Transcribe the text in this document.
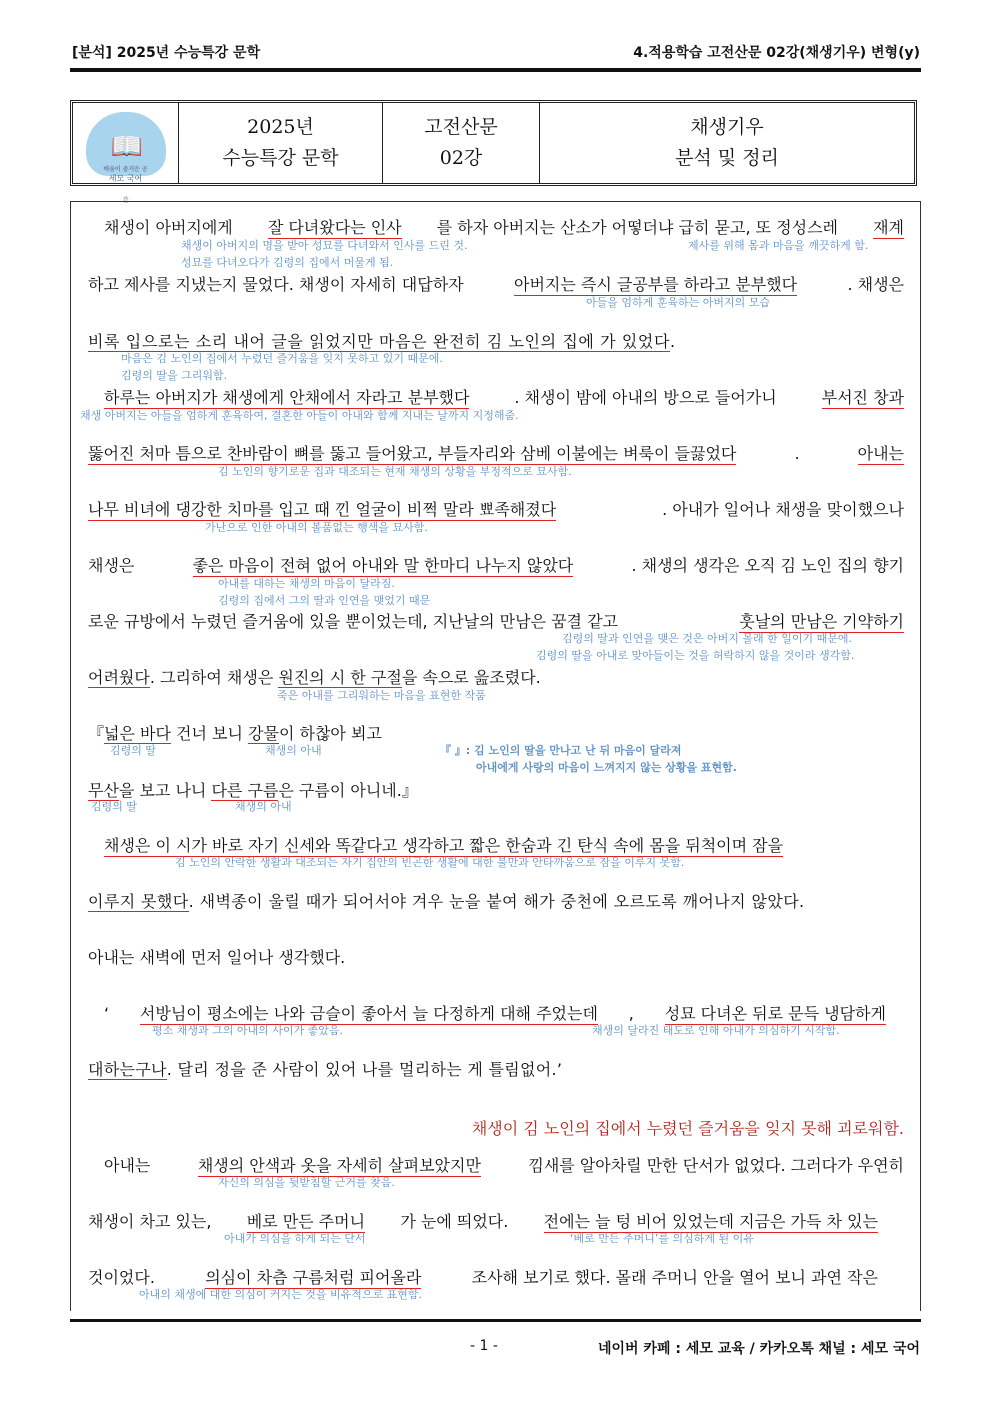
[분석] 2025년 수능특강 문학	4.적용학습 고전산문 02강(채생기우) 변형(y)
📖
배움이 즐거운 공간
세모 국어
2025년
수능특강 문학
고전산문
02강
채생기우
분석 및 정리
채생이 아버지에게 잘 다녀왔다는 인사 를 하자 아버지는 산소가 어떻더냐 급히 묻고, 또 정성스레 재계
채생이 아버지의 명을 받아 성묘를 다녀와서 인사를 드린 것.	제사를 위해 몸과 마음을 깨끗하게 함.
성묘를 다녀오다가 김령의 집에서 머물게 됨.
하고 제사를 지냈는지 물었다. 채생이 자세히 대답하자	아버지는 즉시 글공부를 하라고 분부했다	. 채생은
아들을 엄하게 훈육하는 아버지의 모습
비록 입으로는 소리 내어 글을 읽었지만 마음은 완전히 김 노인의 집에 가 있었다.
마음은 김 노인의 집에서 누렸던 즐거움을 잊지 못하고 있기 때문에.
김령의 딸을 그리워함.
하루는 아버지가 채생에게 안채에서 자라고 분부했다	. 채생이 밤에 아내의 방으로 들어가니	부서진 창과
채생 아버지는 아들을 엄하게 훈육하여, 결혼한 아들이 아내와 함께 지내는 날까지 지정해줌.
뚫어진 처마 틈으로 찬바람이 뼈를 뚫고 들어왔고, 부들자리와 삼베 이불에는 벼룩이 들끓었다	.	아내는
김 노인의 향기로운 집과 대조되는 현재 채생의 상황을 부정적으로 묘사함.
나무 비녀에 댕강한 치마를 입고 때 낀 얼굴이 비쩍 말라 뾰족해졌다	. 아내가 일어나 채생을 맞이했으나
가난으로 인한 아내의 볼품없는 행색을 묘사함.
채생은	좋은 마음이 전혀 없어 아내와 말 한마디 나누지 않았다	. 채생의 생각은 오직 김 노인 집의 향기
아내를 대하는 채생의 마음이 달라짐.
김령의 집에서 그의 딸과 인연을 맺었기 때문
로운 규방에서 누렸던 즐거움에 있을 뿐이었는데, 지난날의 만남은 꿈결 같고	훗날의 만남은 기약하기
김령의 딸과 인연을 맺은 것은 아버지 몰래 한 일이기 때문에.
김령의 딸을 아내로 맞아들이는 것을 허락하지 않을 것이라 생각함.
어려웠다. 그리하여 채생은 원진의 시 한 구절을 속으로 읊조렸다.
죽은 아내를 그리워하는 마음을 표현한 작품
『넓은 바다 건너 보니 강물이 하찮아 뵈고
김령의 딸	채생의 아내	『 』: 김 노인의 딸을 만나고 난 뒤 마음이 달라져
아내에게 사랑의 마음이 느껴지지 않는 상황을 표현함.
무산을 보고 나니 다른 구름은 구름이 아니네.』
김령의 딸	채생의 아내
채생은 이 시가 바로 자기 신세와 똑같다고 생각하고 짧은 한숨과 긴 탄식 속에 몸을 뒤척이며 잠을
김 노인의 안락한 생활과 대조되는 자기 집안의 빈곤한 생활에 대한 불만과 안타까움으로 잠을 이루지 못함.
이루지 못했다. 새벽종이 울릴 때가 되어서야 겨우 눈을 붙여 해가 중천에 오르도록 깨어나지 않았다.
아내는 새벽에 먼저 일어나 생각했다.
‘ 서방님이 평소에는 나와 금슬이 좋아서 늘 다정하게 대해 주었는데 , 성묘 다녀온 뒤로 문득 냉담하게
평소 채생과 그의 아내의 사이가 좋았음.	채생의 달라진 태도로 인해 아내가 의심하기 시작함.
대하는구나. 달리 정을 준 사람이 있어 나를 멀리하는 게 틀림없어.’
채생이 김 노인의 집에서 누렸던 즐거움을 잊지 못해 괴로워함.
아내는	채생의 안색과 옷을 자세히 살펴보았지만	낌새를 알아차릴 만한 단서가 없었다. 그러다가 우연히
자신의 의심을 뒷받침할 근거를 찾음.
채생이 차고 있는, 베로 만든 주머니 가 눈에 띄었다. 전에는 늘 텅 비어 있었는데 지금은 가득 차 있는
아내가 의심을 하게 되는 단서	‘베로 만든 주머니’를 의심하게 된 이유
것이었다.	의심이 차츰 구름처럼 피어올라	조사해 보기로 했다. 몰래 주머니 안을 열어 보니 과연 작은
아내의 채생에 대한 의심이 커지는 것을 비유적으로 표현함.
- 1 -	네이버 카페 : 세모 교육 / 카카오톡 채널 : 세모 국어
